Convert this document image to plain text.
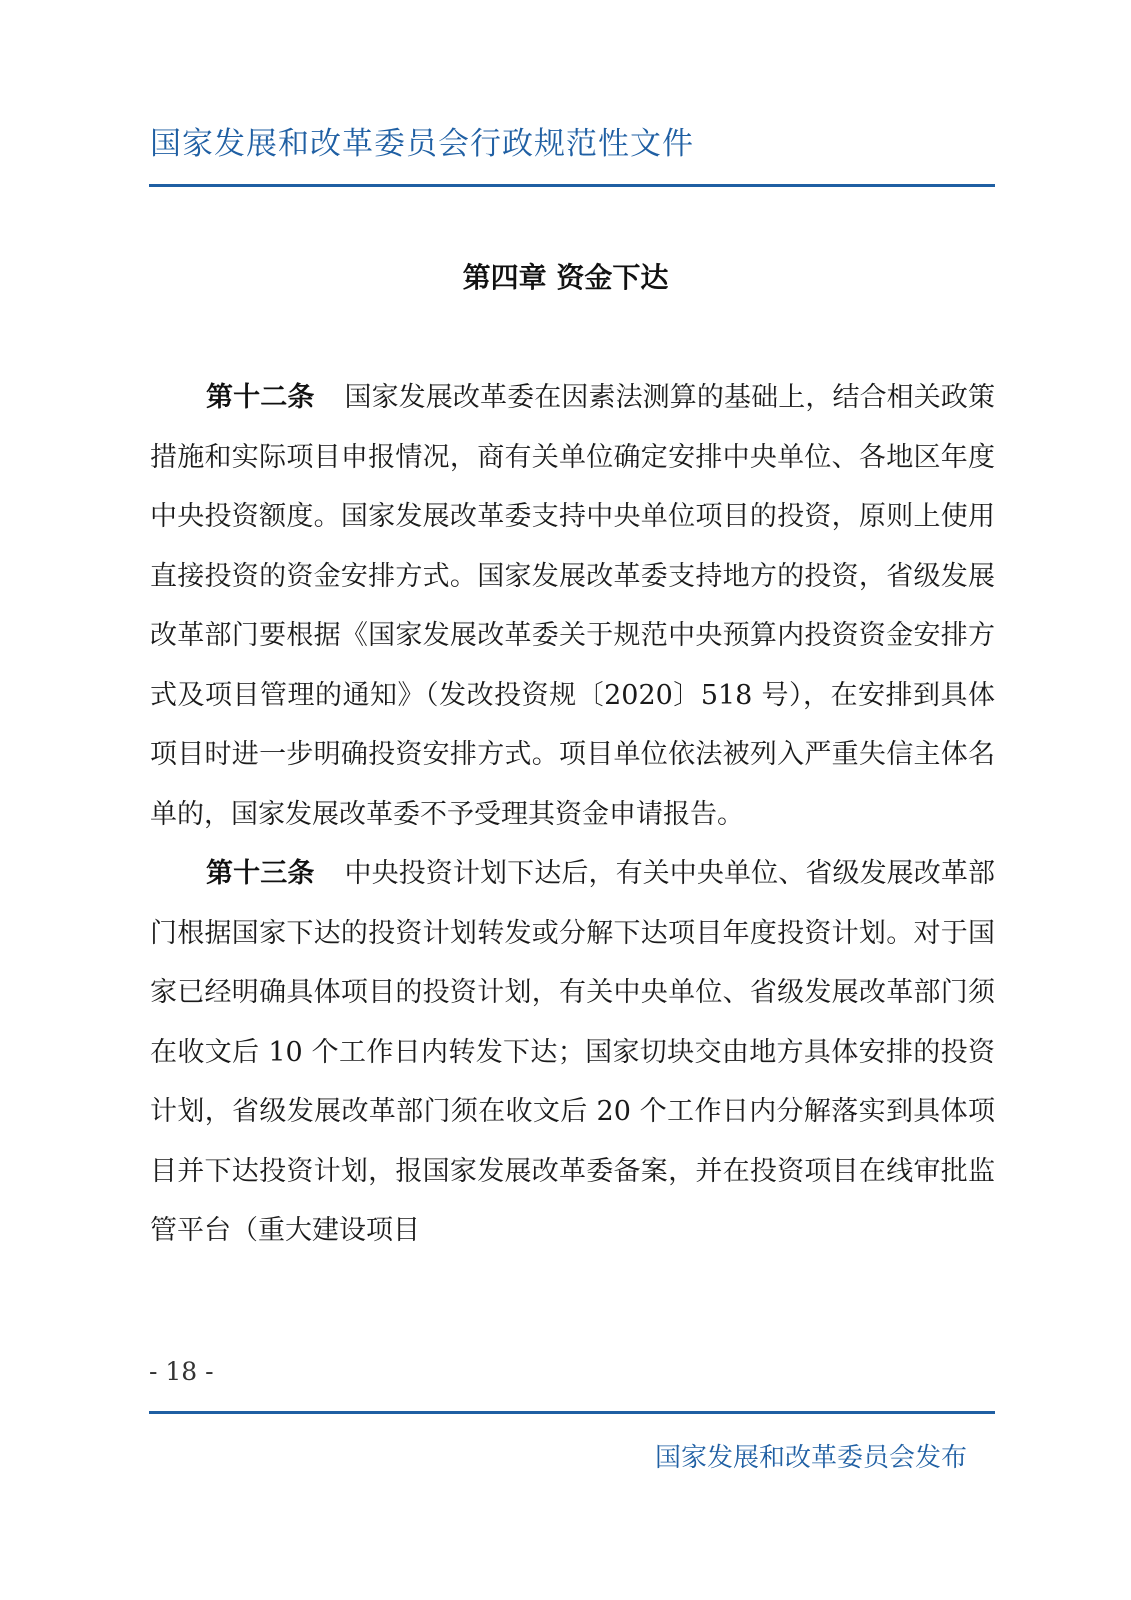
国家发展和改革委员会行政规范性文件
第四章 资金下达

第十二条 国家发展改革委在因素法测算的基础上，结合相关政策措施和实际项目申报情况，商有关单位确定安排中央单位、各地区年度中央投资额度。国家发展改革委支持中央单位项目的投资，原则上使用直接投资的资金安排方式。国家发展改革委支持地方的投资，省级发展改革部门要根据《国家发展改革委关于规范中央预算内投资资金安排方式及项目管理的通知》（发改投资规〔2020〕518 号），在安排到具体项目时进一步明确投资安排方式。项目单位依法被列入严重失信主体名单的，国家发展改革委不予受理其资金申请报告。

第十三条 中央投资计划下达后，有关中央单位、省级发展改革部门根据国家下达的投资计划转发或分解下达项目年度投资计划。对于国家已经明确具体项目的投资计划，有关中央单位、省级发展改革部门须在收文后 10 个工作日内转发下达；国家切块交由地方具体安排的投资计划，省级发展改革部门须在收文后 20 个工作日内分解落实到具体项目并下达投资计划，报国家发展改革委备案，并在投资项目在线审批监管平台（重大建设项目

- 18 -
国家发展和改革委员会发布
